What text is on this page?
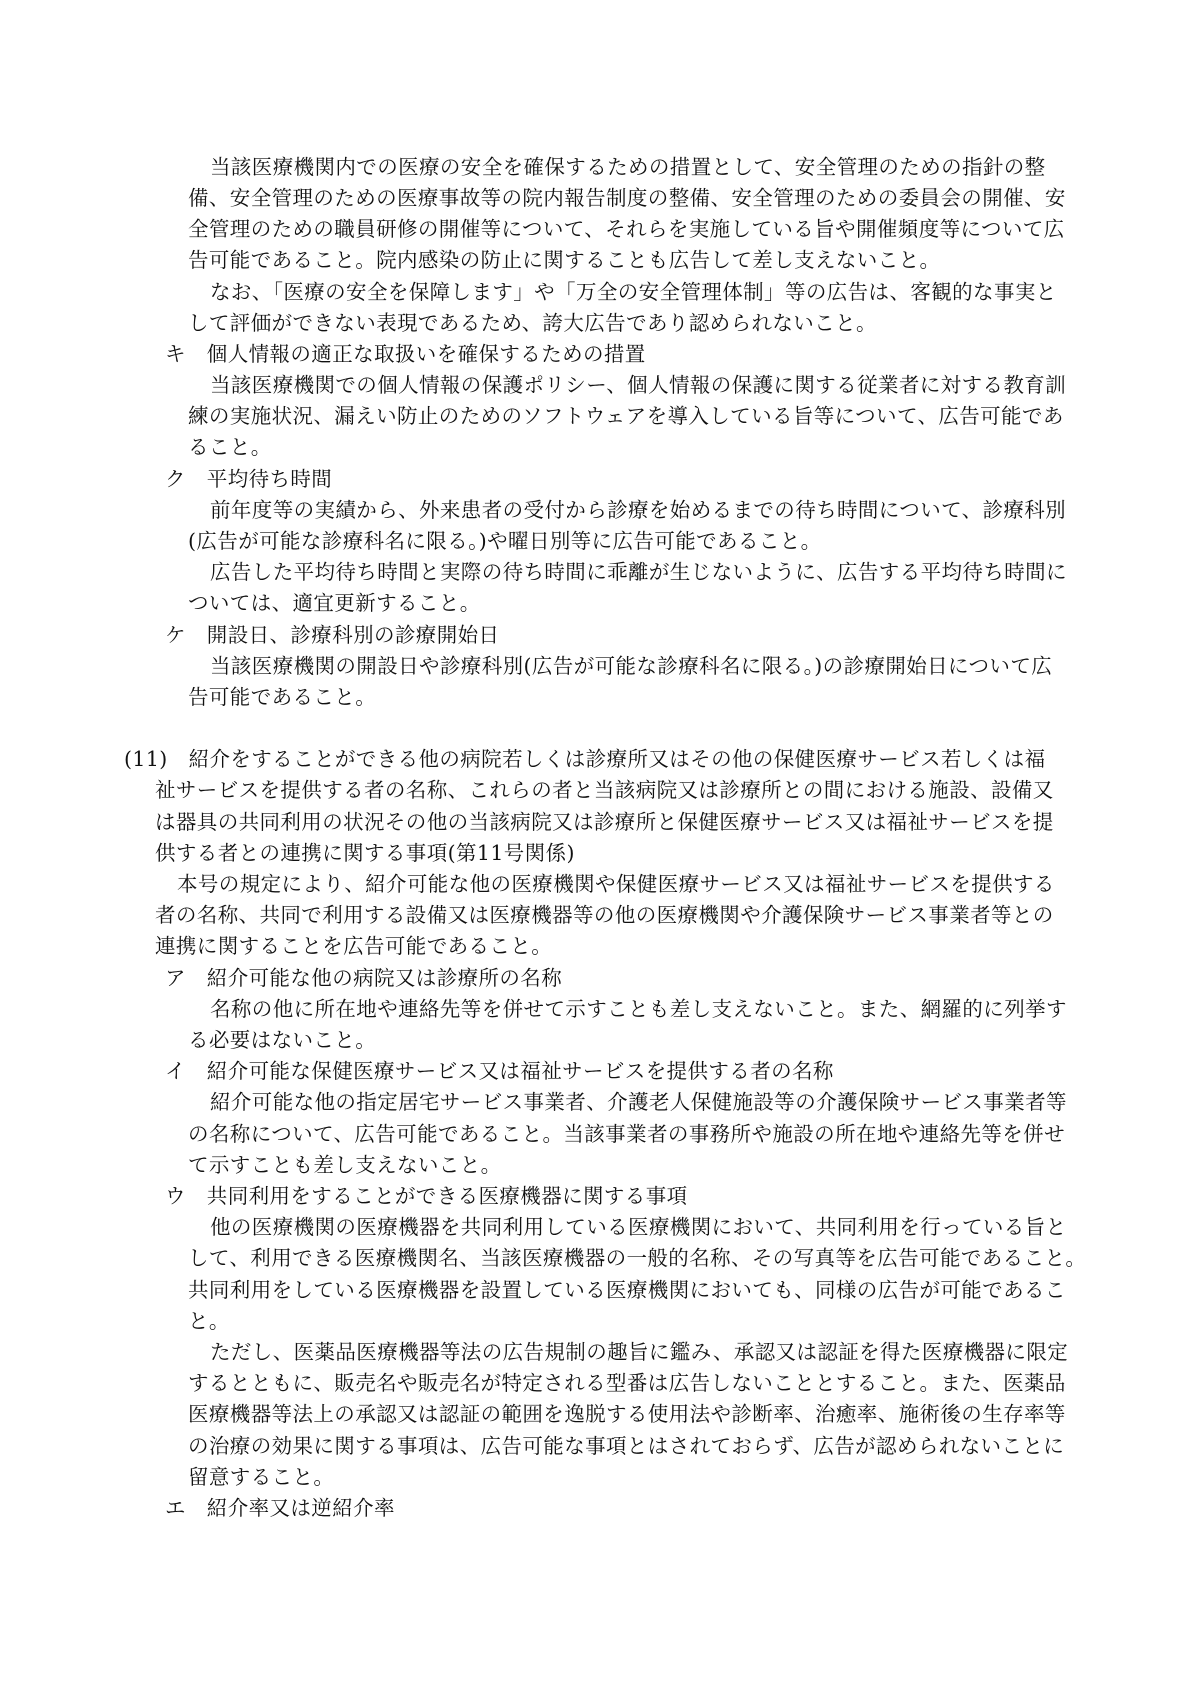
当該医療機関内での医療の安全を確保するための措置として、安全管理のための指針の整
備、安全管理のための医療事故等の院内報告制度の整備、安全管理のための委員会の開催、安
全管理のための職員研修の開催等について、それらを実施している旨や開催頻度等について広
告可能であること。院内感染の防止に関することも広告して差し支えないこと。
なお、「医療の安全を保障します」や「万全の安全管理体制」等の広告は、客観的な事実と
して評価ができない表現であるため、誇大広告であり認められないこと。
キ　個人情報の適正な取扱いを確保するための措置
当該医療機関での個人情報の保護ポリシー、個人情報の保護に関する従業者に対する教育訓
練の実施状況、漏えい防止のためのソフトウェアを導入している旨等について、広告可能であ
ること。
ク　平均待ち時間
前年度等の実績から、外来患者の受付から診療を始めるまでの待ち時間について、診療科別
(広告が可能な診療科名に限る。)や曜日別等に広告可能であること。
広告した平均待ち時間と実際の待ち時間に乖離が生じないように、広告する平均待ち時間に
ついては、適宜更新すること。
ケ　開設日、診療科別の診療開始日
当該医療機関の開設日や診療科別(広告が可能な診療科名に限る。)の診療開始日について広
告可能であること。
(11)　紹介をすることができる他の病院若しくは診療所又はその他の保健医療サービス若しくは福
祉サービスを提供する者の名称、これらの者と当該病院又は診療所との間における施設、設備又
は器具の共同利用の状況その他の当該病院又は診療所と保健医療サービス又は福祉サービスを提
供する者との連携に関する事項(第11号関係)
本号の規定により、紹介可能な他の医療機関や保健医療サービス又は福祉サービスを提供する
者の名称、共同で利用する設備又は医療機器等の他の医療機関や介護保険サービス事業者等との
連携に関することを広告可能であること。
ア　紹介可能な他の病院又は診療所の名称
名称の他に所在地や連絡先等を併せて示すことも差し支えないこと。また、網羅的に列挙す
る必要はないこと。
イ　紹介可能な保健医療サービス又は福祉サービスを提供する者の名称
紹介可能な他の指定居宅サービス事業者、介護老人保健施設等の介護保険サービス事業者等
の名称について、広告可能であること。当該事業者の事務所や施設の所在地や連絡先等を併せ
て示すことも差し支えないこと。
ウ　共同利用をすることができる医療機器に関する事項
他の医療機関の医療機器を共同利用している医療機関において、共同利用を行っている旨と
して、利用できる医療機関名、当該医療機器の一般的名称、その写真等を広告可能であること。
共同利用をしている医療機器を設置している医療機関においても、同様の広告が可能であるこ
と。
ただし、医薬品医療機器等法の広告規制の趣旨に鑑み、承認又は認証を得た医療機器に限定
するとともに、販売名や販売名が特定される型番は広告しないこととすること。また、医薬品
医療機器等法上の承認又は認証の範囲を逸脱する使用法や診断率、治癒率、施術後の生存率等
の治療の効果に関する事項は、広告可能な事項とはされておらず、広告が認められないことに
留意すること。
エ　紹介率又は逆紹介率
